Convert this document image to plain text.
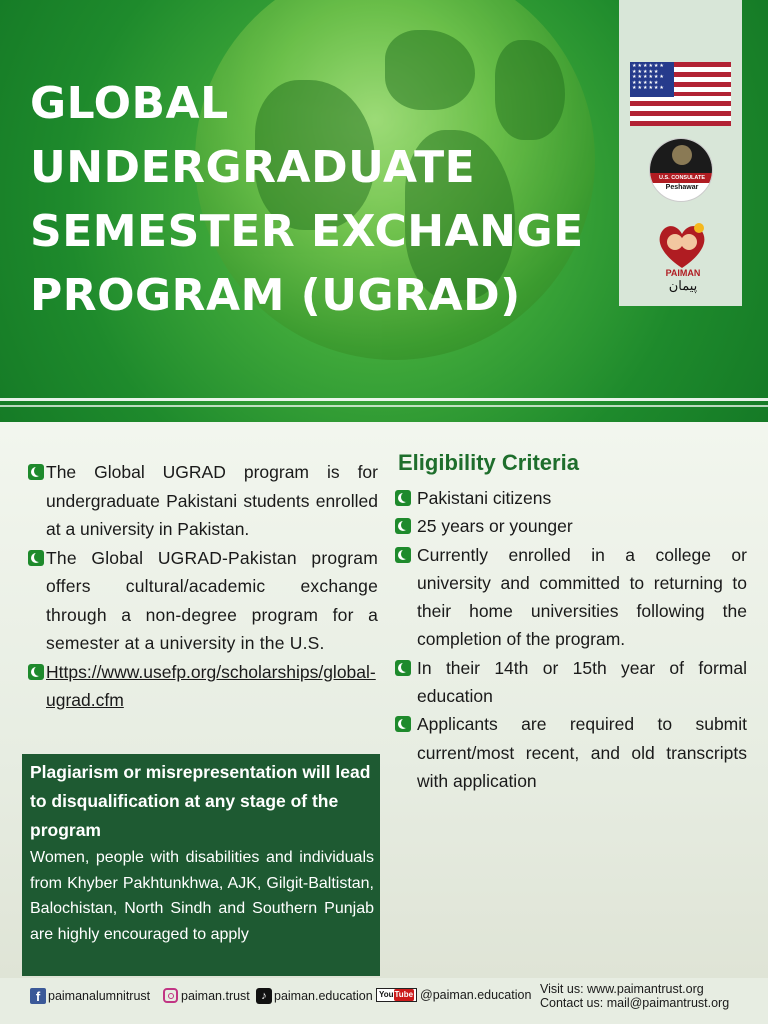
GLOBAL
UNDERGRADUATE
SEMESTER EXCHANGE
PROGRAM (UGRAD)
★★★★★★ ★★★★★ ★★★★★★ ★★★★★ ★★★★★★
U.S. CONSULATE
Peshawar
PAIMAN
پیمان
The Global UGRAD program is for undergraduate Pakistani students enrolled at a university in Pakistan.
The Global UGRAD-Pakistan program offers cultural/academic exchange through a non-degree program for a semester at a university in the U.S.
Https://www.usefp.org/scholarships/global-ugrad.cfm
Plagiarism or misrepresentation will lead to disqualification at any stage of the program
Women, people with disabilities and individuals from Khyber Pakhtunkhwa, AJK, Gilgit-Baltistan, Balochistan, North Sindh and Southern Punjab are highly encouraged to apply
Eligibility Criteria
Pakistani citizens
25 years or younger
Currently enrolled in a college or university and committed to returning to their home universities following the completion of the program.
In their 14th or 15th year of formal education
Applicants are required to submit current/most recent, and old transcripts with application
f paimanalumnitrust paiman.trust	♪ paiman.education You Tube @paiman.education Visit us: www.paimantrust.org
Contact us: mail@paimantrust.org
